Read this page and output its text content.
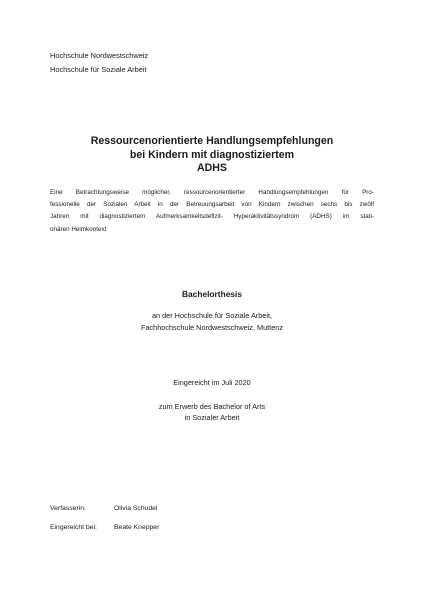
Hochschule Nordwestschweiz
Hochschule für Soziale Arbeit
Ressourcenorientierte Handlungsempfehlungen
bei Kindern mit diagnostiziertem
ADHS
Eine Betrachtungsweise möglicher, ressourcenorientierter Handlungsempfehlungen für Pro-
fessionelle der Sozialen Arbeit in der Betreuungsarbeit von Kindern zwischen sechs bis zwölf
Jahren mit diagnostiziertem Aufmerksamkeitsdefizit- Hyperaktivitätssyndrom (ADHS) im stati-
onären Heimkontext
Bachelorthesis
an der Hochschule für Soziale Arbeit,
Fachhochschule Nordwestschweiz, Muttenz
Eingereicht im Juli 2020
zum Erwerb des Bachelor of Arts
in Sozialer Arbeit
Verfasserin:	Olivia Schudel
Eingereicht bei:	Beate Knepper
